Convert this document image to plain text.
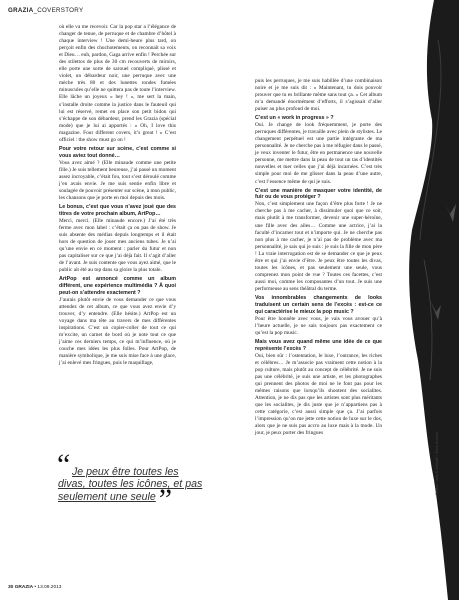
GRAZIA_COVERSTORY

où elle va me recevoir. Car la pop star a l’élégance de changer de tenue, de perruque et de chambre d’hôtel à chaque interview ! Une demi-heure plus tard, on perçoit enfin des chuchotements, on reconnaît sa voix et Dieu… euh, pardon, Gaga arrive enfin ! Perchée sur des stilettos de plus de 30 cm recouverts de miroirs, elle porte une sorte de sarouel compliqué, plissé et violet, un débardeur noir, une perruque avec une mèche très 80 et des lunettes rondes fumées minuscules qu’elle ne quittera pas de toute l’interview. Elle lâche un joyeux « hey ! », me sert la main, s’installe droite comme la justice dans le fauteuil qui lui est réservé, remet en place son petit bidon qui s’échappe de son débardeur, prend les Grazia (spécial mode) que je lui ai apportés : « Oh, I love this magazine. Four different covers, it’s great ! » C’est officiel : the show must go on !

Pour votre retour sur scène, c’est comme si vous aviez tout donné…

Vous avez aimé ? (Elle minaude comme une petite fille.) Je suis tellement heureuse, j’ai passé un moment assez incroyable, c’était fou, tout s’est déroulé comme j’en avais envie. Je me suis sentie enfin libre et soulagée de pouvoir présenter sur scène, à mon public, les chansons que je porte en moi depuis des mois.

Le bonus, c’est que vous n’avez joué que des titres de votre prochain album, ArtPop…

Merci, merci. (Elle minaude encore.) J’ai été très ferme avec mon label : c’était ça ou pas de show. Je suis absente des médias depuis longtemps et il était hors de question de jouer mes anciens tubes. Je n’ai qu’une envie en ce moment : parler du futur et non pas capitaliser sur ce que j’ai déjà fait. Il s’agit d’aller de l’avant. Je suis contente que vous ayez aimé, que le public ait été au top dans sa gloire la plus totale.

ArtPop est annoncé comme un album différent, une expérience multimédia ? À quoi peut-on s’attendre exactement ?

J’aurais plutôt envie de vous demander ce que vous attendez de cet album, ce que vous avez envie d’y trouver, d’y entendre. (Elle hésite.) ArtPop est un voyage dans ma tête au travers de mes différentes inspirations. C’est un copier-coller de tout ce qui m’excite, un carnet de bord où je note tout ce que j’aime ces derniers temps, ce qui m’influence, où je couche mes idées les plus folles. Pour ArtPop, de manière symbolique, je me suis mise face à une glace, j’ai enlevé mes fringues, puis le maquillage,

puis les perruques, je me suis habillée d’une combinaison noire et je me suis dit : « Maintenant, tu dois pouvoir prouver que tu es brillante même sans tout ça. » Cet album m’a demandé énormément d’efforts, il s’agissait d’aller puiser au plus profond de moi.

C’est un « work in progress » ?

Oui. Je change de look fréquemment, je porte des perruques différentes, je travaille avec plein de stylistes. Le changement perpétuel est une partie intégrante de ma personnalité. Je ne cherche pas à me réfugier dans le passé, je veux inventer le futur, être en permanence une nouvelle personne, me mettre dans la peau de tout un tas d’identités nouvelles et tuer celles que j’ai déjà incarnées. C’est très simple pour moi de me glisser dans la peau d’une autre, c’est l’essence même de qui je suis.

C’est une manière de masquer votre identité, de fuir ou de vous protéger ?

Non, c’est simplement une façon d’être plus forte ! Je ne cherche pas à me cacher, à dissimuler quoi que ce soit, mais plutôt à me transformer, devenir une super-héroïne, une fille avec des ailes… Comme une actrice, j’ai la faculté d’incarner tout et n’importe qui. Je ne cherche pas non plus à me cacher, je n’ai pas de problème avec ma personnalité, je sais qui je suis : je suis la fille de mon père ! La vraie interrogation est de se demander ce que je peux être et qui j’ai envie d’être. Je peux être toutes les divas, toutes les icônes, et pas seulement une seule, vous comprenez mon point de vue ? Toutes ces facettes, c’est aussi moi, comme les composantes d’un tout. Je suis une performeuse au sens théâtral du terme.

Vos innombrables changements de looks traduisent un certain sens de l’excès : est-ce ce qui caractérise le mieux la pop music ?

Pour être honnête avec vous, je vais vous avouer qu’à l’heure actuelle, je ne sais toujours pas exactement ce qu’est la pop music.

Mais vous avez quand même une idée de ce que représente l’excès ?

Oui, bien sûr : l’ostentation, le luxe, l’outrance, les riches et célèbres… Je m’associe pas vraiment cette notion à la pop culture, mais plutôt au concept de célébrité. Je ne suis pas une célébrité, je suis une artiste, et les photographes qui prennent des photos de moi ne le font pas pour les mêmes raisons que lorsqu’ils shootent des socialites. Attention, je ne dis pas que les artistes sont plus méritants que les socialites, je dis juste que je n’appartiens pas à cette catégorie, c’est aussi simple que ça. J’ai parfois l’impression qu’on me jette cette notion de luxe sur le dos, alors que je ne suis pas accro au luxe mais à la mode. Un jour, je peux porter des fringues

“ Je peux être toutes les divas, toutes les icônes, et pas seulement une seule ”
Photos : Inez & Vinoodh / Trunk Archive
30 GRAZIA • 13.09.2013
